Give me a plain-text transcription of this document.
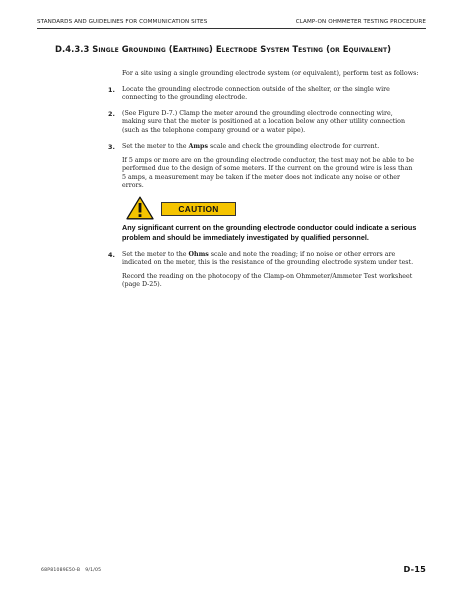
STANDARDS AND GUIDELINES FOR COMMUNICATION SITES	CLAMP-ON OHMMETER TESTING PROCEDURE
D.4.3.3 Single Grounding (Earthing) Electrode System Testing (or Equivalent)
For a site using a single grounding electrode system (or equivalent), perform test as follows:
1. Locate the grounding electrode connection outside of the shelter, or the single wire connecting to the grounding electrode.
2. (See Figure D-7.) Clamp the meter around the grounding electrode connecting wire, making sure that the meter is positioned at a location below any other utility connection (such as the telephone company ground or a water pipe).
3. Set the meter to the Amps scale and check the grounding electrode for current.
If 5 amps or more are on the grounding electrode conductor, the test may not be able to be performed due to the design of some meters. If the current on the ground wire is less than 5 amps, a measurement may be taken if the meter does not indicate any noise or other errors.
CAUTION
Any significant current on the grounding electrode conductor could indicate a serious problem and should be immediately investigated by qualified personnel.
4. Set the meter to the Ohms scale and note the reading; if no noise or other errors are indicated on the meter, this is the resistance of the grounding electrode system under test.
Record the reading on the photocopy of the Clamp-on Ohmmeter/Ammeter Test worksheet (page D-25).
68P81089E50-B 9/1/05	D-15
